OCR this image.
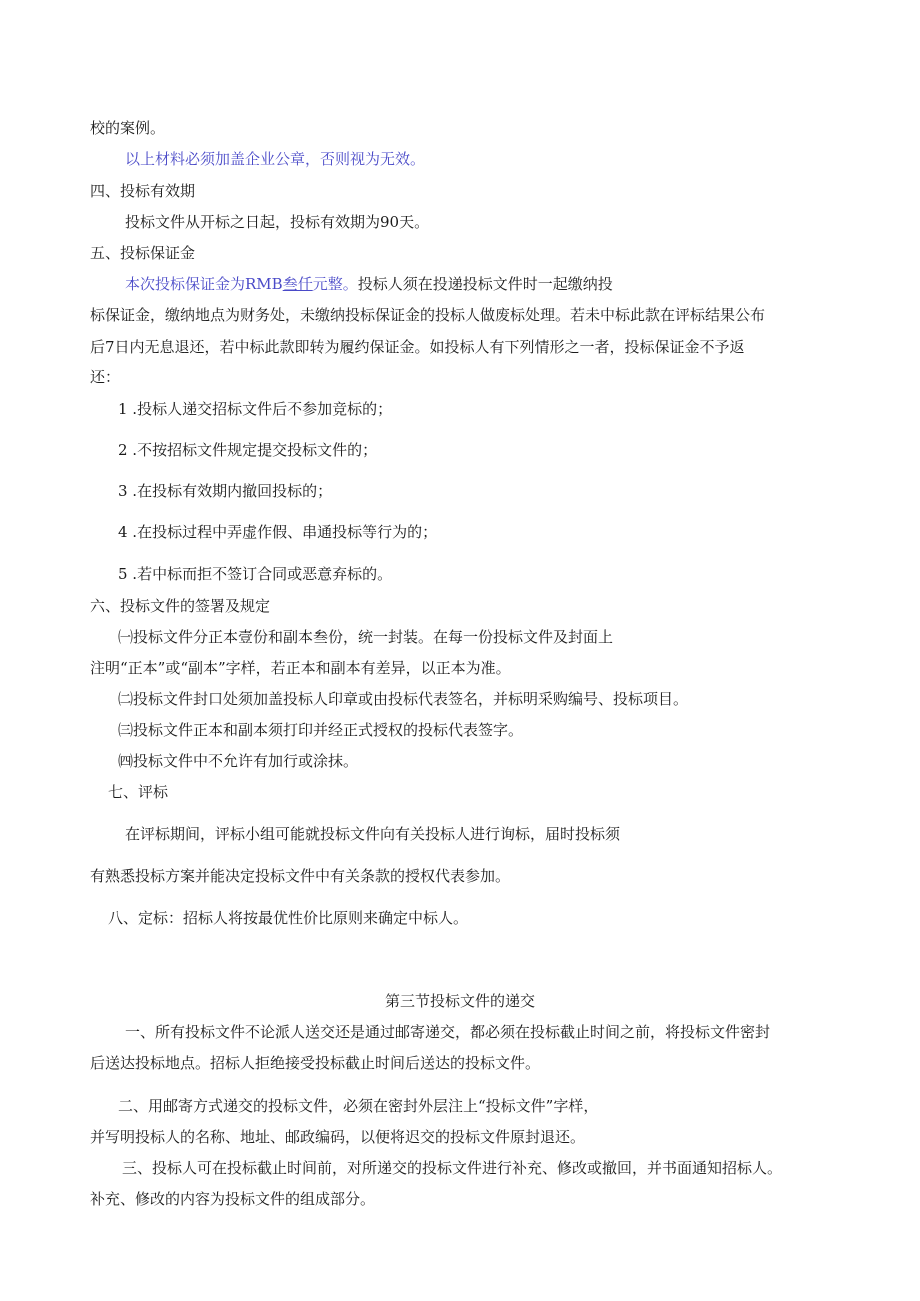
校的案例。
以上材料必须加盖企业公章，否则视为无效。
四、投标有效期
投标文件从开标之日起，投标有效期为90天。
五、投标保证金
本次投标保证金为RMB叁仟元整。投标人须在投递投标文件时一起缴纳投
标保证金，缴纳地点为财务处，未缴纳投标保证金的投标人做废标处理。若未中标此款在评标结果公布
后7日内无息退还，若中标此款即转为履约保证金。如投标人有下列情形之一者，投标保证金不予返
还：
1 .投标人递交招标文件后不参加竞标的；
2 .不按招标文件规定提交投标文件的；
3 .在投标有效期内撤回投标的；
4 .在投标过程中弄虚作假、串通投标等行为的；
5 .若中标而拒不签订合同或恶意弃标的。
六、投标文件的签署及规定
㈠投标文件分正本壹份和副本叁份，统一封装。在每一份投标文件及封面上
注明“正本”或“副本”字样，若正本和副本有差异，以正本为准。
㈡投标文件封口处须加盖投标人印章或由投标代表签名，并标明采购编号、投标项目。
㈢投标文件正本和副本须打印并经正式授权的投标代表签字。
㈣投标文件中不允许有加行或涂抹。
七、评标
在评标期间，评标小组可能就投标文件向有关投标人进行询标，届时投标须
有熟悉投标方案并能决定投标文件中有关条款的授权代表参加。
八、定标：招标人将按最优性价比原则来确定中标人。
第三节投标文件的递交
一、所有投标文件不论派人送交还是通过邮寄递交，都必须在投标截止时间之前，将投标文件密封
后送达投标地点。招标人拒绝接受投标截止时间后送达的投标文件。
二、用邮寄方式递交的投标文件，必须在密封外层注上“投标文件”字样，
并写明投标人的名称、地址、邮政编码，以便将迟交的投标文件原封退还。
三、投标人可在投标截止时间前，对所递交的投标文件进行补充、修改或撤回，并书面通知招标人。
补充、修改的内容为投标文件的组成部分。
